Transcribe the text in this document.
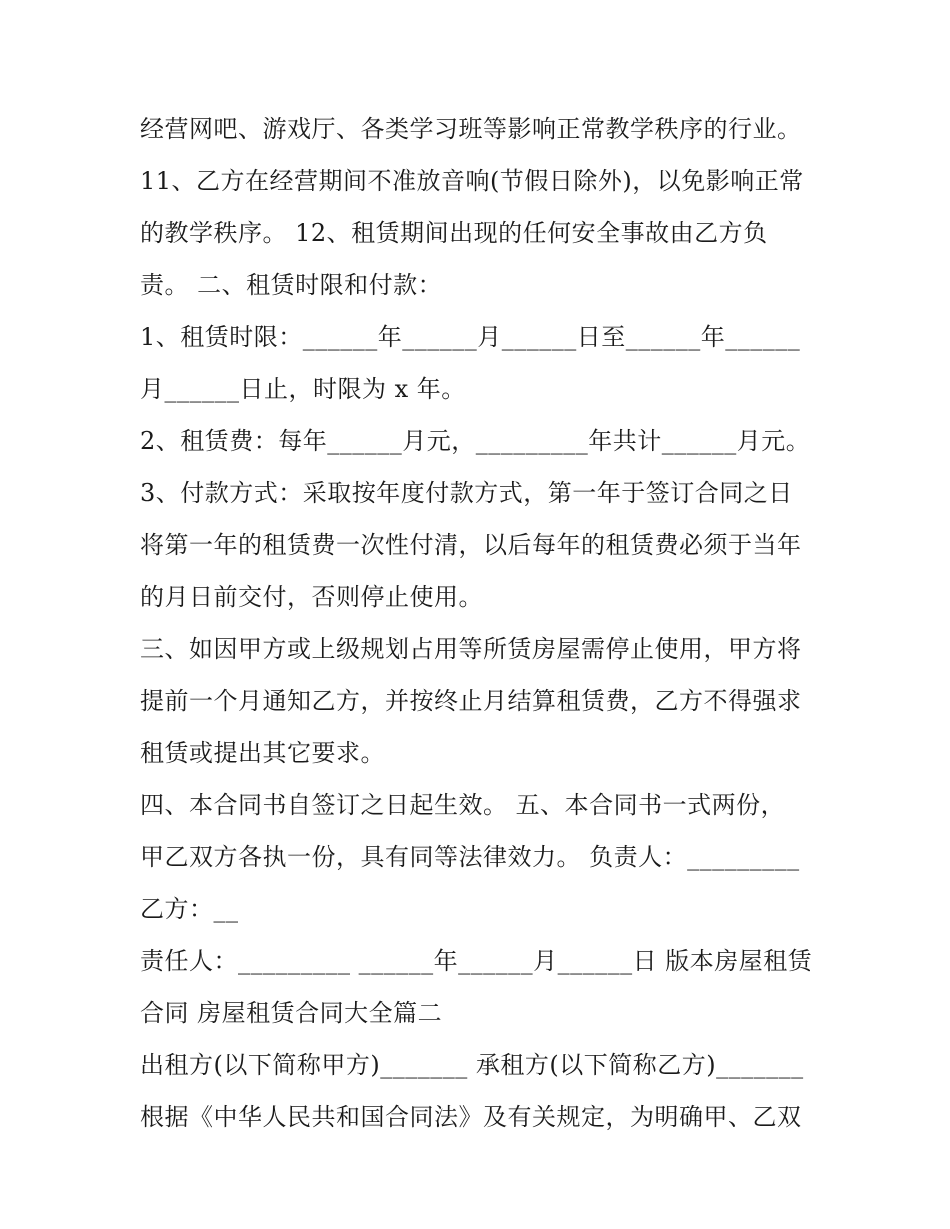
经营网吧、游戏厅、各类学习班等影响正常教学秩序的行业。
11、乙方在经营期间不准放音响(节假日除外)，以免影响正常
的教学秩序。 12、租赁期间出现的任何安全事故由乙方负
责。 二、租赁时限和付款：
1、租赁时限：______年______月______日至______年______
月______日止，时限为 x 年。
2、租赁费：每年______月元，_________年共计______月元。
3、付款方式：采取按年度付款方式，第一年于签订合同之日
将第一年的租赁费一次性付清，以后每年的租赁费必须于当年
的月日前交付，否则停止使用。
三、如因甲方或上级规划占用等所赁房屋需停止使用，甲方将
提前一个月通知乙方，并按终止月结算租赁费，乙方不得强求
租赁或提出其它要求。
四、本合同书自签订之日起生效。 五、本合同书一式两份，
甲乙双方各执一份，具有同等法律效力。 负责人：_________
乙方：__
责任人：_________ ______年______月______日 版本房屋租赁
合同 房屋租赁合同大全篇二
出租方(以下简称甲方)_______ 承租方(以下简称乙方)_______
根据《中华人民共和国合同法》及有关规定，为明确甲、乙双
